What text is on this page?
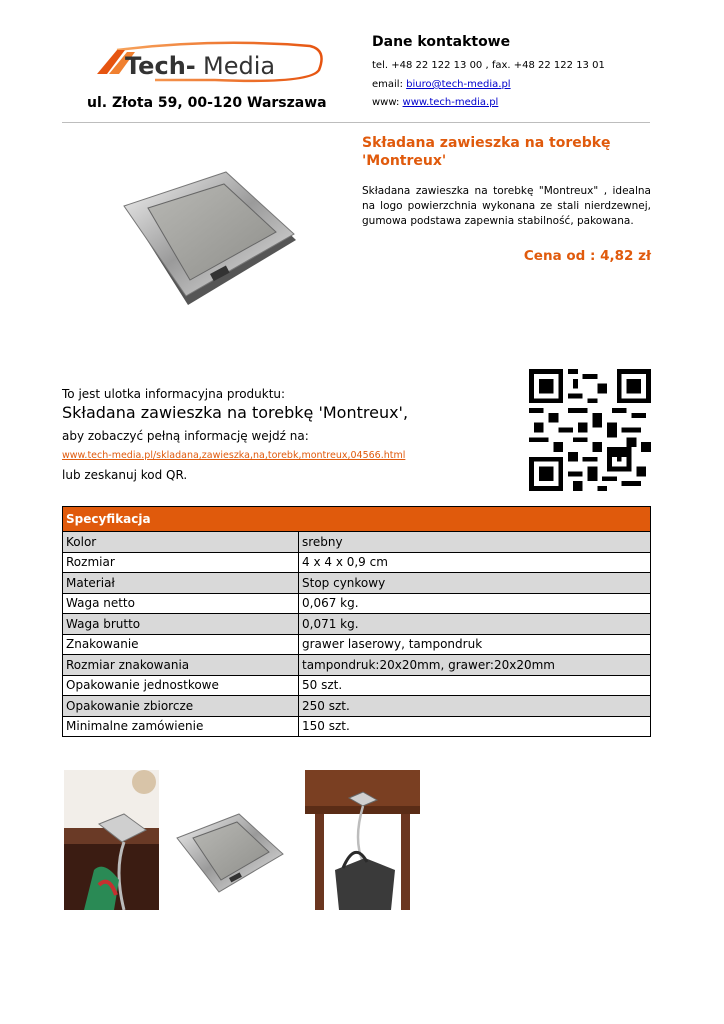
Tech- Media
ul. Złota 59, 00-120 Warszawa
Dane kontaktowe
tel. +48 22 122 13 00 , fax. +48 22 122 13 01
email: biuro@tech-media.pl
www: www.tech-media.pl
Składana zawieszka na torebkę 'Montreux'
Składana zawieszka na torebkę "Montreux" , idealna na logo powierzchnia wykonana ze stali nierdzewnej, gumowa podstawa zapewnia stabilność, pakowana.
Cena od : 4,82 zł
To jest ulotka informacyjna produktu:
Składana zawieszka na torebkę 'Montreux',
aby zobaczyć pełną informację wejdź na:
www.tech-media.pl/skladana,zawieszka,na,torebk,montreux,04566.html
lub zeskanuj kod QR.
Specyfikacja	
Kolor	srebny
Rozmiar	4 x 4 x 0,9 cm
Materiał	Stop cynkowy
Waga netto	0,067 kg.
Waga brutto	0,071 kg.
Znakowanie	grawer laserowy, tampondruk
Rozmiar znakowania	tampondruk:20x20mm, grawer:20x20mm
Opakowanie jednostkowe	50 szt.
Opakowanie zbiorcze	250 szt.
Minimalne zamówienie	150 szt.
